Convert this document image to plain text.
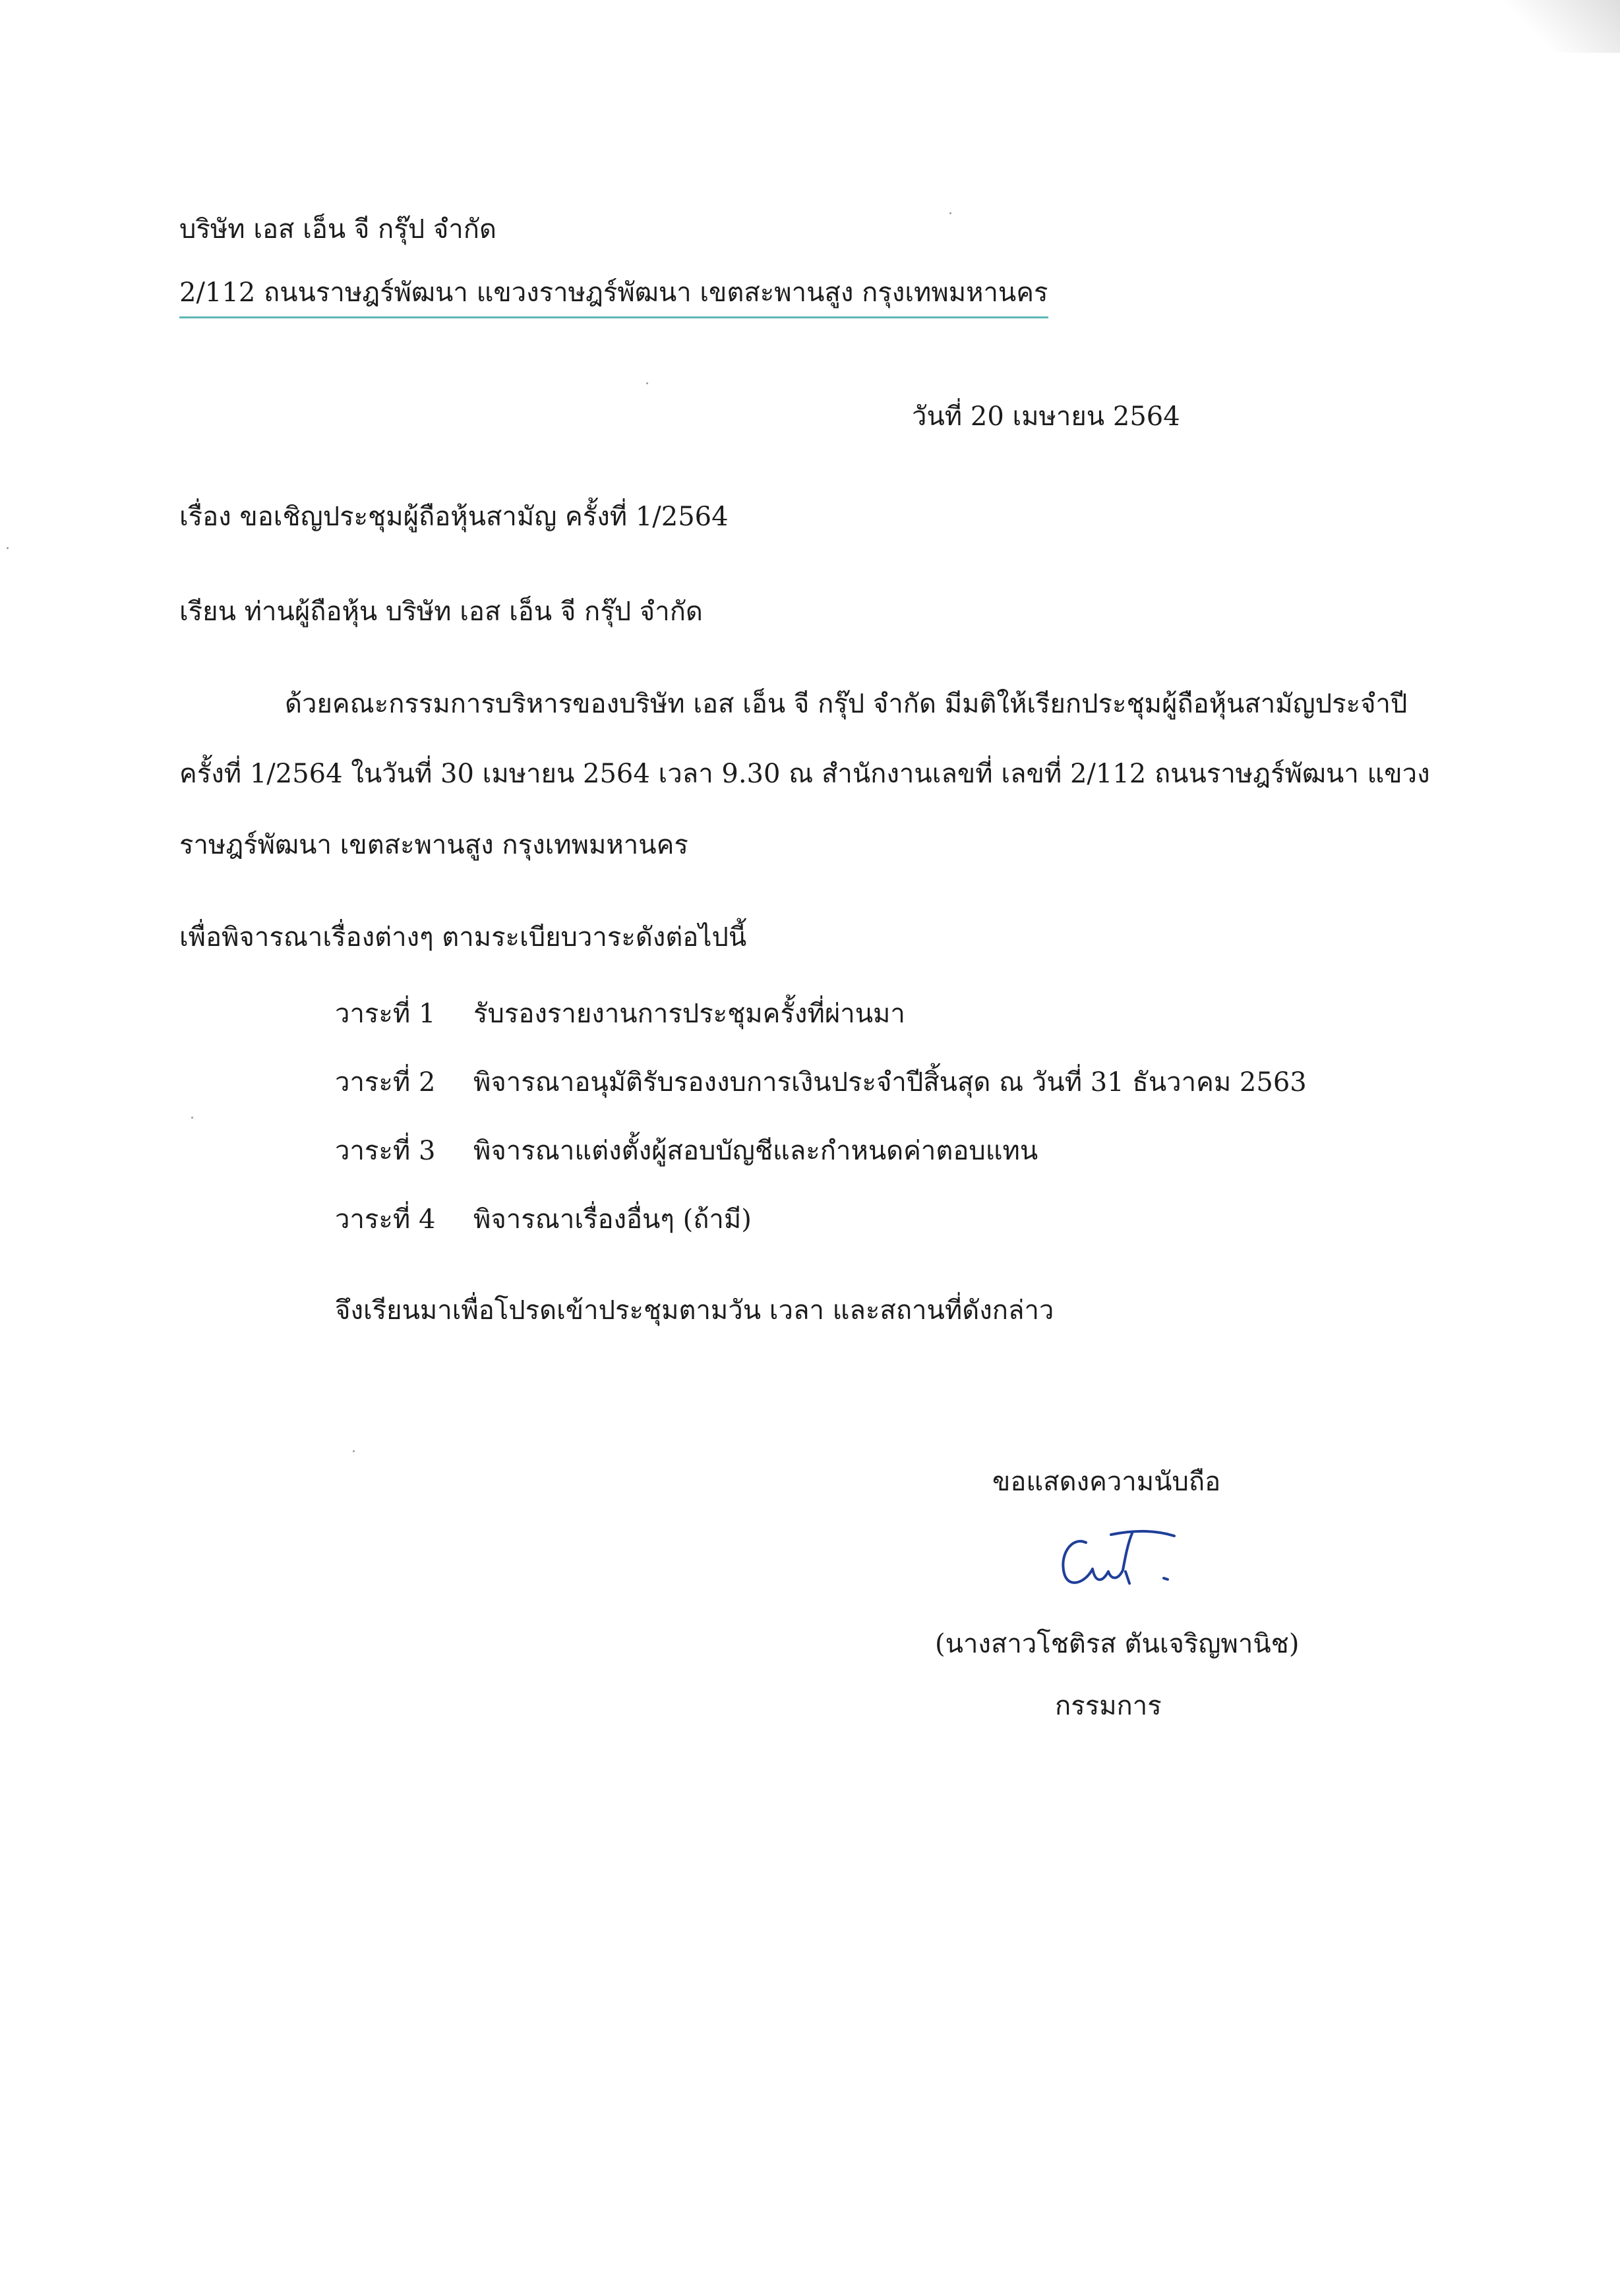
บริษัท เอส เอ็น จี กรุ๊ป จำกัด
2/112 ถนนราษฎร์พัฒนา แขวงราษฎร์พัฒนา เขตสะพานสูง กรุงเทพมหานคร
วันที่ 20 เมษายน 2564
เรื่อง ขอเชิญประชุมผู้ถือหุ้นสามัญ ครั้งที่ 1/2564
เรียน ท่านผู้ถือหุ้น บริษัท เอส เอ็น จี กรุ๊ป จำกัด
ด้วยคณะกรรมการบริหารของบริษัท เอส เอ็น จี กรุ๊ป จำกัด มีมติให้เรียกประชุมผู้ถือหุ้นสามัญประจำปี
ครั้งที่ 1/2564 ในวันที่ 30 เมษายน 2564 เวลา 9.30 ณ สำนักงานเลขที่ เลขที่ 2/112 ถนนราษฎร์พัฒนา แขวง
ราษฎร์พัฒนา เขตสะพานสูง กรุงเทพมหานคร
เพื่อพิจารณาเรื่องต่างๆ ตามระเบียบวาระดังต่อไปนี้
วาระที่ 1 รับรองรายงานการประชุมครั้งที่ผ่านมา
วาระที่ 2 พิจารณาอนุมัติรับรองงบการเงินประจำปีสิ้นสุด ณ วันที่ 31 ธันวาคม 2563
วาระที่ 3 พิจารณาแต่งตั้งผู้สอบบัญชีและกำหนดค่าตอบแทน
วาระที่ 4 พิจารณาเรื่องอื่นๆ (ถ้ามี)
จึงเรียนมาเพื่อโปรดเข้าประชุมตามวัน เวลา และสถานที่ดังกล่าว
ขอแสดงความนับถือ
(นางสาวโชติรส ตันเจริญพานิช)
กรรมการ
